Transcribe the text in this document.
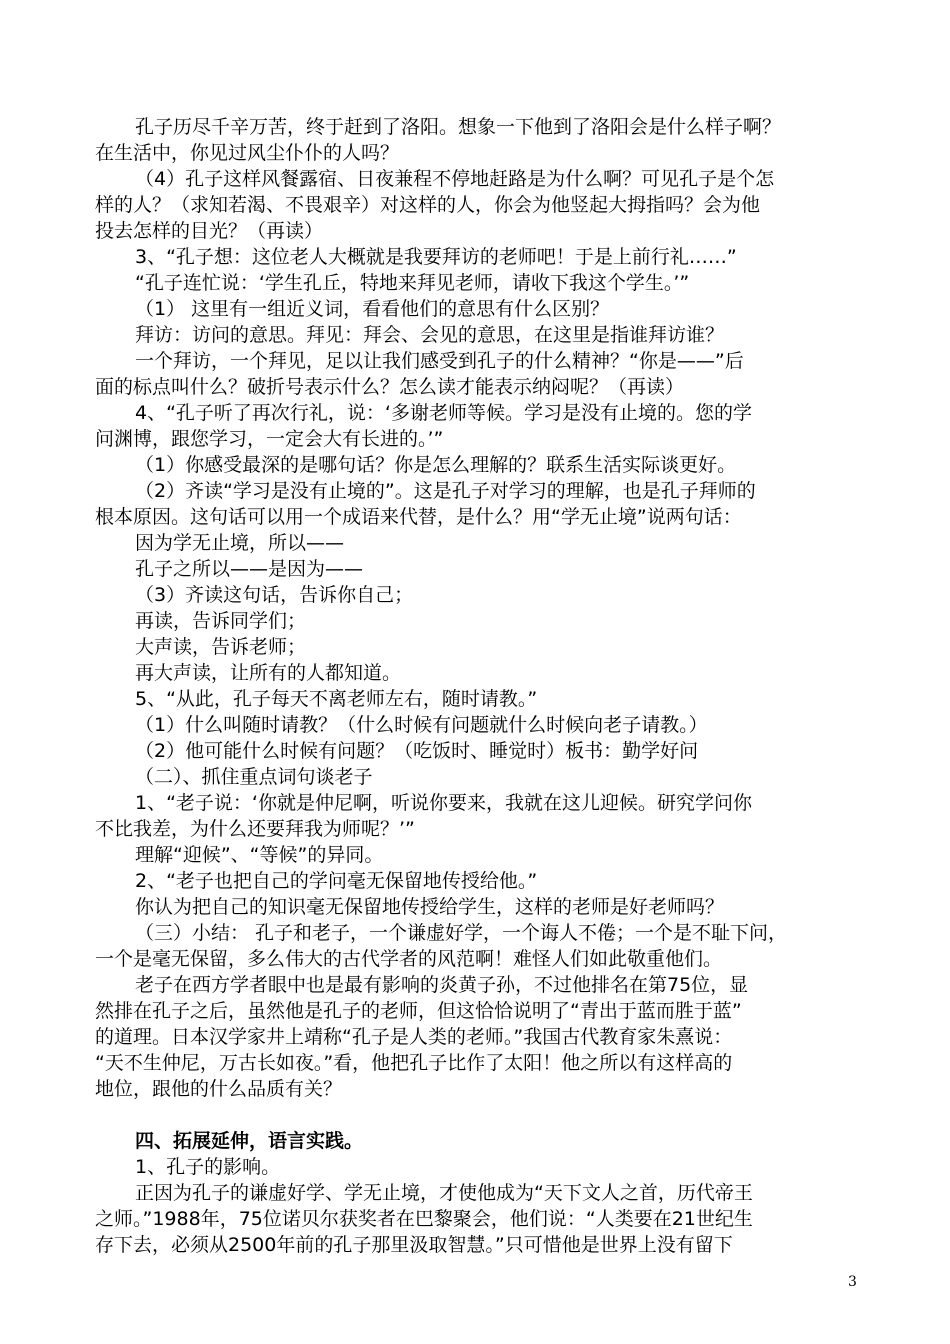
孔子历尽千辛万苦，终于赶到了洛阳。想象一下他到了洛阳会是什么样子啊？
在生活中，你见过风尘仆仆的人吗？
（4）孔子这样风餐露宿、日夜兼程不停地赶路是为什么啊？可见孔子是个怎
样的人？（求知若渴、不畏艰辛）对这样的人，你会为他竖起大拇指吗？会为他
投去怎样的目光？（再读）
3、“孔子想：这位老人大概就是我要拜访的老师吧！于是上前行礼……”
“孔子连忙说：‘学生孔丘，特地来拜见老师，请收下我这个学生。’”
（1） 这里有一组近义词，看看他们的意思有什么区别？
拜访：访问的意思。拜见：拜会、会见的意思，在这里是指谁拜访谁？
一个拜访，一个拜见，足以让我们感受到孔子的什么精神？“你是——”后
面的标点叫什么？破折号表示什么？怎么读才能表示纳闷呢？（再读）
4、“孔子听了再次行礼，说：‘多谢老师等候。学习是没有止境的。您的学
问渊博，跟您学习，一定会大有长进的。’”
（1）你感受最深的是哪句话？你是怎么理解的？联系生活实际谈更好。
（2）齐读“学习是没有止境的”。这是孔子对学习的理解，也是孔子拜师的
根本原因。这句话可以用一个成语来代替，是什么？用“学无止境”说两句话：
因为学无止境，所以——
孔子之所以——是因为——
（3）齐读这句话，告诉你自己；
再读，告诉同学们；
大声读，告诉老师；
再大声读，让所有的人都知道。
5、“从此，孔子每天不离老师左右，随时请教。”
（1）什么叫随时请教？（什么时候有问题就什么时候向老子请教。）
（2）他可能什么时候有问题？（吃饭时、睡觉时）板书：勤学好问
（二）、抓住重点词句谈老子
1、“老子说：‘你就是仲尼啊，听说你要来，我就在这儿迎候。研究学问你
不比我差，为什么还要拜我为师呢？’”
理解“迎候”、“等候”的异同。
2、“老子也把自己的学问毫无保留地传授给他。”
你认为把自己的知识毫无保留地传授给学生，这样的老师是好老师吗？
（三）小结： 孔子和老子，一个谦虚好学，一个诲人不倦；一个是不耻下问，
一个是毫无保留，多么伟大的古代学者的风范啊！难怪人们如此敬重他们。
老子在西方学者眼中也是最有影响的炎黄子孙，不过他排名在第75位，显
然排在孔子之后，虽然他是孔子的老师，但这恰恰说明了“青出于蓝而胜于蓝”
的道理。日本汉学家井上靖称“孔子是人类的老师。”我国古代教育家朱熹说：
“天不生仲尼，万古长如夜。”看，他把孔子比作了太阳！他之所以有这样高的
地位，跟他的什么品质有关？
四、拓展延伸，语言实践。
1、孔子的影响。
正因为孔子的谦虚好学、学无止境，才使他成为“天下文人之首，历代帝王
之师。”1988年，75位诺贝尔获奖者在巴黎聚会，他们说：“人类要在21世纪生
存下去，必须从2500年前的孔子那里汲取智慧。”只可惜他是世界上没有留下
3
